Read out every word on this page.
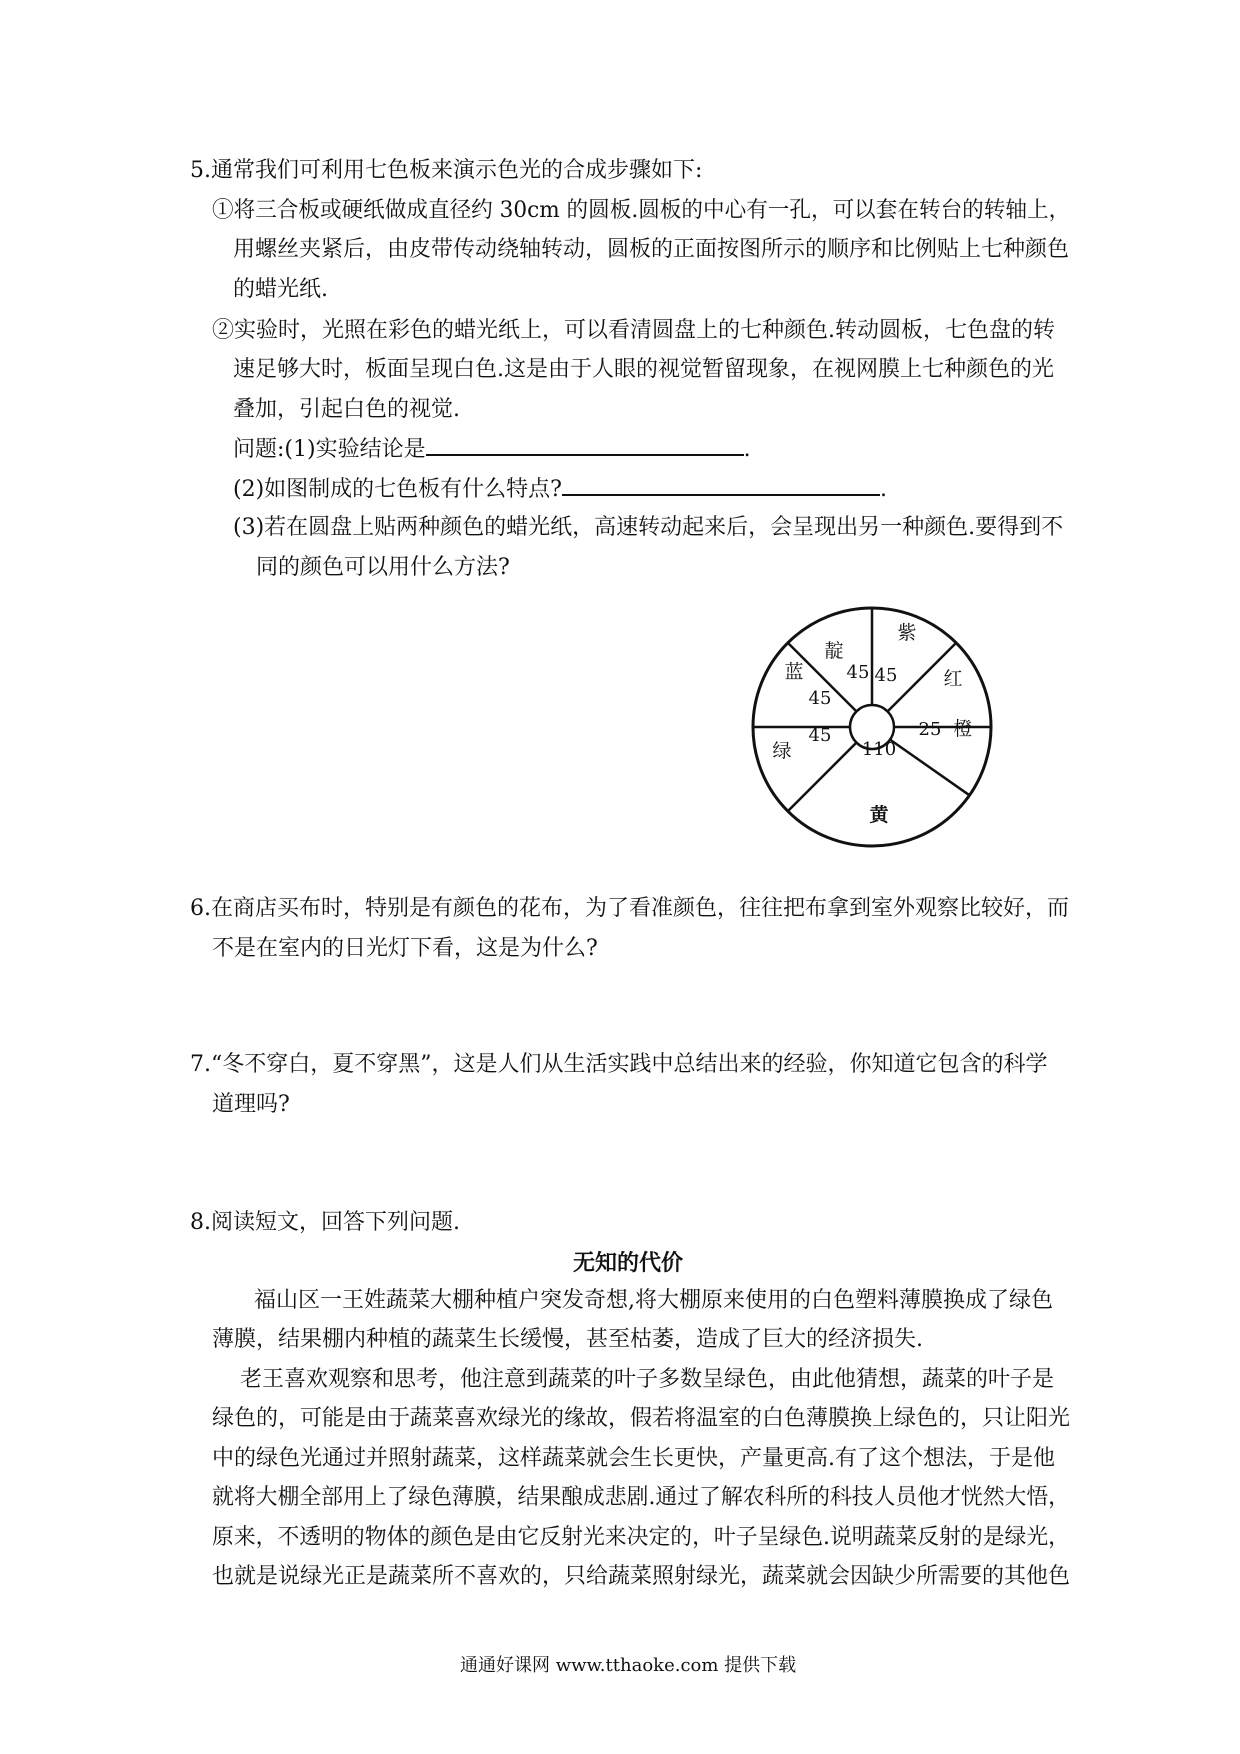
5.通常我们可利用七色板来演示色光的合成步骤如下:
①将三合板或硬纸做成直径约 30cm 的圆板.圆板的中心有一孔，可以套在转台的转轴上，
用螺丝夹紧后，由皮带传动绕轴转动，圆板的正面按图所示的顺序和比例贴上七种颜色
的蜡光纸.
②实验时，光照在彩色的蜡光纸上，可以看清圆盘上的七种颜色.转动圆板，七色盘的转
速足够大时，板面呈现白色.这是由于人眼的视觉暂留现象，在视网膜上七种颜色的光
叠加，引起白色的视觉.
问题:(1)实验结论是	.
(2)如图制成的七色板有什么特点?	.
(3)若在圆盘上贴两种颜色的蜡光纸，高速转动起来后，会呈现出另一种颜色.要得到不
同的颜色可以用什么方法?
紫
红
橙
黄
绿
蓝
靛
45 45
45
45
110
25
6.在商店买布时，特别是有颜色的花布，为了看准颜色，往往把布拿到室外观察比较好，而
不是在室内的日光灯下看，这是为什么?
7.“冬不穿白，夏不穿黑”，这是人们从生活实践中总结出来的经验，你知道它包含的科学
道理吗?
8.阅读短文，回答下列问题.
无知的代价
福山区一王姓蔬菜大棚种植户突发奇想,将大棚原来使用的白色塑料薄膜换成了绿色
薄膜，结果棚内种植的蔬菜生长缓慢，甚至枯萎，造成了巨大的经济损失.
老王喜欢观察和思考，他注意到蔬菜的叶子多数呈绿色，由此他猜想，蔬菜的叶子是
绿色的，可能是由于蔬菜喜欢绿光的缘故，假若将温室的白色薄膜换上绿色的，只让阳光
中的绿色光通过并照射蔬菜，这样蔬菜就会生长更快，产量更高.有了这个想法，于是他
就将大棚全部用上了绿色薄膜，结果酿成悲剧.通过了解农科所的科技人员他才恍然大悟，
原来，不透明的物体的颜色是由它反射光来决定的，叶子呈绿色.说明蔬菜反射的是绿光，
也就是说绿光正是蔬菜所不喜欢的，只给蔬菜照射绿光，蔬菜就会因缺少所需要的其他色
通通好课网 www.tthaoke.com 提供下载
